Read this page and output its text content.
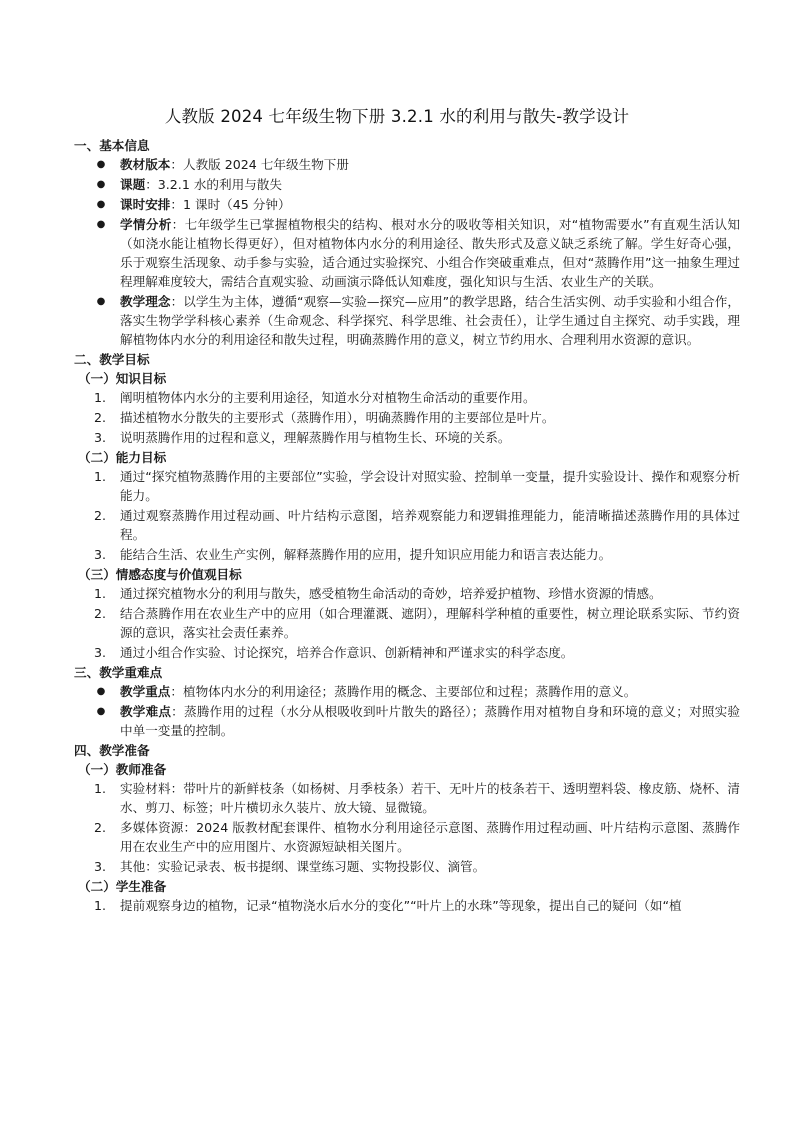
人教版 2024 七年级生物下册 3.2.1 水的利用与散失-教学设计
一、基本信息
● 教材版本：人教版 2024 七年级生物下册
● 课题：3.2.1 水的利用与散失
● 课时安排：1 课时（45 分钟）
● 学情分析：七年级学生已掌握植物根尖的结构、根对水分的吸收等相关知识，对“植物需要水”有直观生活认知（如浇水能让植物长得更好），但对植物体内水分的利用途径、散失形式及意义缺乏系统了解。学生好奇心强，乐于观察生活现象、动手参与实验，适合通过实验探究、小组合作突破重难点，但对“蒸腾作用”这一抽象生理过程理解难度较大，需结合直观实验、动画演示降低认知难度，强化知识与生活、农业生产的关联。
● 教学理念：以学生为主体，遵循“观察—实验—探究—应用”的教学思路，结合生活实例、动手实验和小组合作，落实生物学学科核心素养（生命观念、科学探究、科学思维、社会责任），让学生通过自主探究、动手实践，理解植物体内水分的利用途径和散失过程，明确蒸腾作用的意义，树立节约用水、合理利用水资源的意识。
二、教学目标
（一）知识目标
1.	阐明植物体内水分的主要利用途径，知道水分对植物生命活动的重要作用。
2.	描述植物水分散失的主要形式（蒸腾作用），明确蒸腾作用的主要部位是叶片。
3.	说明蒸腾作用的过程和意义，理解蒸腾作用与植物生长、环境的关系。
（二）能力目标
1.	通过“探究植物蒸腾作用的主要部位”实验，学会设计对照实验、控制单一变量，提升实验设计、操作和观察分析能力。
2.	通过观察蒸腾作用过程动画、叶片结构示意图，培养观察能力和逻辑推理能力，能清晰描述蒸腾作用的具体过程。
3.	能结合生活、农业生产实例，解释蒸腾作用的应用，提升知识应用能力和语言表达能力。
（三）情感态度与价值观目标
1.	通过探究植物水分的利用与散失，感受植物生命活动的奇妙，培养爱护植物、珍惜水资源的情感。
2.	结合蒸腾作用在农业生产中的应用（如合理灌溉、遮阴），理解科学种植的重要性，树立理论联系实际、节约资源的意识，落实社会责任素养。
3.	通过小组合作实验、讨论探究，培养合作意识、创新精神和严谨求实的科学态度。
三、教学重难点
● 教学重点：植物体内水分的利用途径；蒸腾作用的概念、主要部位和过程；蒸腾作用的意义。
● 教学难点：蒸腾作用的过程（水分从根吸收到叶片散失的路径）；蒸腾作用对植物自身和环境的意义；对照实验中单一变量的控制。
四、教学准备
（一）教师准备
1.	实验材料：带叶片的新鲜枝条（如杨树、月季枝条）若干、无叶片的枝条若干、透明塑料袋、橡皮筋、烧杯、清水、剪刀、标签；叶片横切永久装片、放大镜、显微镜。
2.	多媒体资源：2024 版教材配套课件、植物水分利用途径示意图、蒸腾作用过程动画、叶片结构示意图、蒸腾作用在农业生产中的应用图片、水资源短缺相关图片。
3.	其他：实验记录表、板书提纲、课堂练习题、实物投影仪、滴管。
（二）学生准备
1.	提前观察身边的植物，记录“植物浇水后水分的变化”“叶片上的水珠”等现象，提出自己的疑问（如“植
